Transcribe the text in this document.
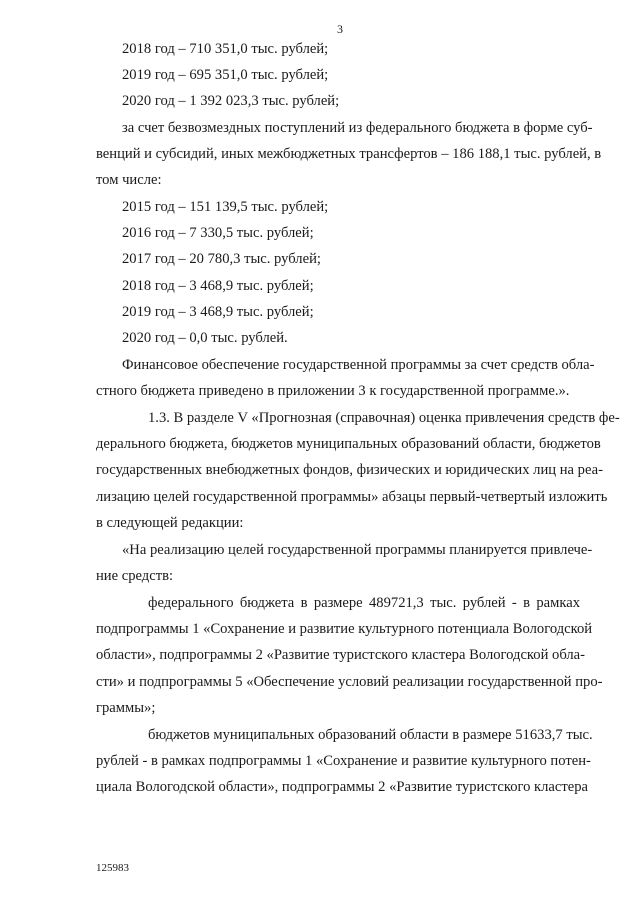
3
2018 год – 710 351,0 тыс. рублей;
2019 год – 695 351,0 тыс. рублей;
2020 год – 1 392 023,3 тыс. рублей;
за счет безвозмездных поступлений из федерального бюджета в форме суб-
венций и субсидий, иных межбюджетных трансфертов – 186 188,1 тыс. рублей, в
том числе:
2015 год – 151 139,5 тыс. рублей;
2016 год – 7 330,5 тыс. рублей;
2017 год – 20 780,3 тыс. рублей;
2018 год – 3 468,9 тыс. рублей;
2019 год – 3 468,9 тыс. рублей;
2020 год – 0,0 тыс. рублей.
Финансовое обеспечение государственной программы за счет средств обла-
стного бюджета приведено в приложении 3 к государственной программе.».
1.3. В разделе V «Прогнозная (справочная) оценка привлечения средств фе-
дерального бюджета, бюджетов муниципальных образований области, бюджетов
государственных внебюджетных фондов, физических и юридических лиц на реа-
лизацию целей государственной программы» абзацы первый-четвертый изложить
в следующей редакции:
«На реализацию целей государственной программы планируется привлече-
ние средств:
федерального бюджета в размере 489721,3 тыс. рублей - в рамках
подпрограммы 1 «Сохранение и развитие культурного потенциала Вологодской
области», подпрограммы 2 «Развитие туристского кластера Вологодской обла-
сти» и подпрограммы 5 «Обеспечение условий реализации государственной про-
граммы»;
бюджетов муниципальных образований области в размере 51633,7 тыс.
рублей - в рамках подпрограммы 1 «Сохранение и развитие культурного потен-
циала Вологодской области», подпрограммы 2 «Развитие туристского кластера
125983
